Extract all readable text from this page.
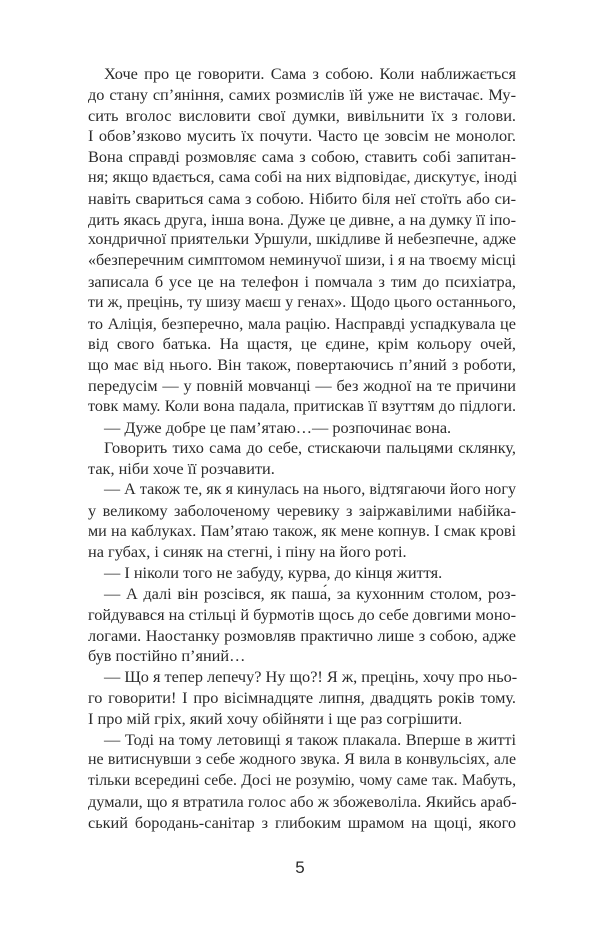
Хоче про це говорити. Сама з собою. Коли наближається
до стану сп’яніння, самих розмислів їй уже не вистачає. Му-
сить вголос висловити свої думки, вивільнити їх з голови.
І обов’язково мусить їх почути. Часто це зовсім не монолог.
Вона справді розмовляє сама з собою, ставить собі запитан-
ня; якщо вдається, сама собі на них відповідає, дискутує, іноді
навіть свариться сама з собою. Нібито біля неї стоїть або си-
дить якась друга, інша вона. Дуже це дивне, а на думку її іпо-
хондричної приятельки Уршули, шкідливе й небезпечне, адже
«безперечним симптомом неминучої шизи, і я на твоєму місці
записала б усе це на телефон і помчала з тим до психіатра,
ти ж, прецінь, ту шизу маєш у генах». Щодо цього останнього,
то Аліція, безперечно, мала рацію. Насправді успадкувала це
від свого батька. На щастя, це єдине, крім кольору очей,
що має від нього. Він також, повертаючись п’яний з роботи,
передусім — у повній мовчанці — без жодної на те причини
товк маму. Коли вона падала, притискав її взуттям до підлоги.
— Дуже добре це пам’ятаю…— розпочинає вона.
Говорить тихо сама до себе, стискаючи пальцями склянку,
так, ніби хоче її розчавити.
— А також те, як я кинулась на нього, відтягаючи його ногу
у великому заболоченому черевику з заіржавілими набійка-
ми на каблуках. Пам’ятаю також, як мене копнув. І смак крові
на губах, і синяк на стегні, і піну на його роті.
— І ніколи того не забуду, курва, до кінця життя.
— А далі він розсівся, як паша́, за кухонним столом, роз-
гойдувався на стільці й бурмотів щось до себе довгими моно-
логами. Наостанку розмовляв практично лише з собою, адже
був постійно п’яний…
— Що я тепер лепечу? Ну що?! Я ж, прецінь, хочу про ньо-
го говорити! І про вісімнадцяте липня, двадцять років тому.
І про мій гріх, який хочу обійняти і ще раз согрішити.
— Тоді на тому летовищі я також плакала. Вперше в житті
не витиснувши з себе жодного звука. Я вила в конвульсіях, але
тільки всередині себе. Досі не розумію, чому саме так. Мабуть,
думали, що я втратила голос або ж збожеволіла. Якийсь араб-
ський бородань-санітар з глибоким шрамом на щоці, якого
5
